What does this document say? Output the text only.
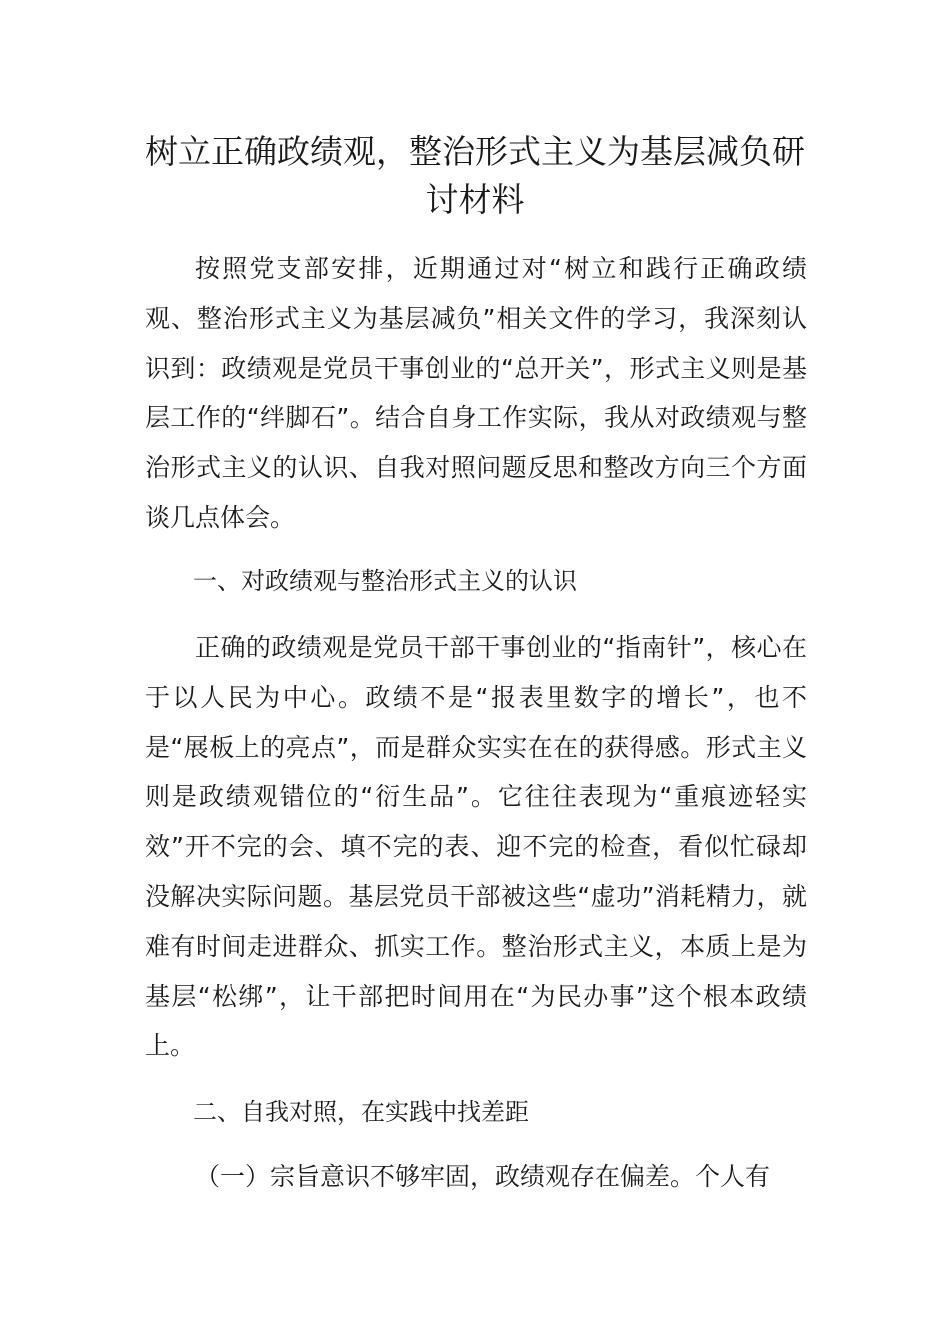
树立正确政绩观，整治形式主义为基层减负研讨材料

按照党支部安排，近期通过对“树立和践行正确政绩观、整治形式主义为基层减负”相关文件的学习，我深刻认识到：政绩观是党员干事创业的“总开关”，形式主义则是基层工作的“绊脚石”。结合自身工作实际，我从对政绩观与整治形式主义的认识、自我对照问题反思和整改方向三个方面谈几点体会。

一、对政绩观与整治形式主义的认识

正确的政绩观是党员干部干事创业的“指南针”，核心在于以人民为中心。政绩不是“报表里数字的增长”，也不是“展板上的亮点”，而是群众实实在在的获得感。形式主义则是政绩观错位的“衍生品”。它往往表现为“重痕迹轻实效”开不完的会、填不完的表、迎不完的检查，看似忙碌却没解决实际问题。基层党员干部被这些“虚功”消耗精力，就难有时间走进群众、抓实工作。整治形式主义，本质上是为基层“松绑”，让干部把时间用在“为民办事”这个根本政绩上。

二、自我对照，在实践中找差距

（一）宗旨意识不够牢固，政绩观存在偏差。个人有
